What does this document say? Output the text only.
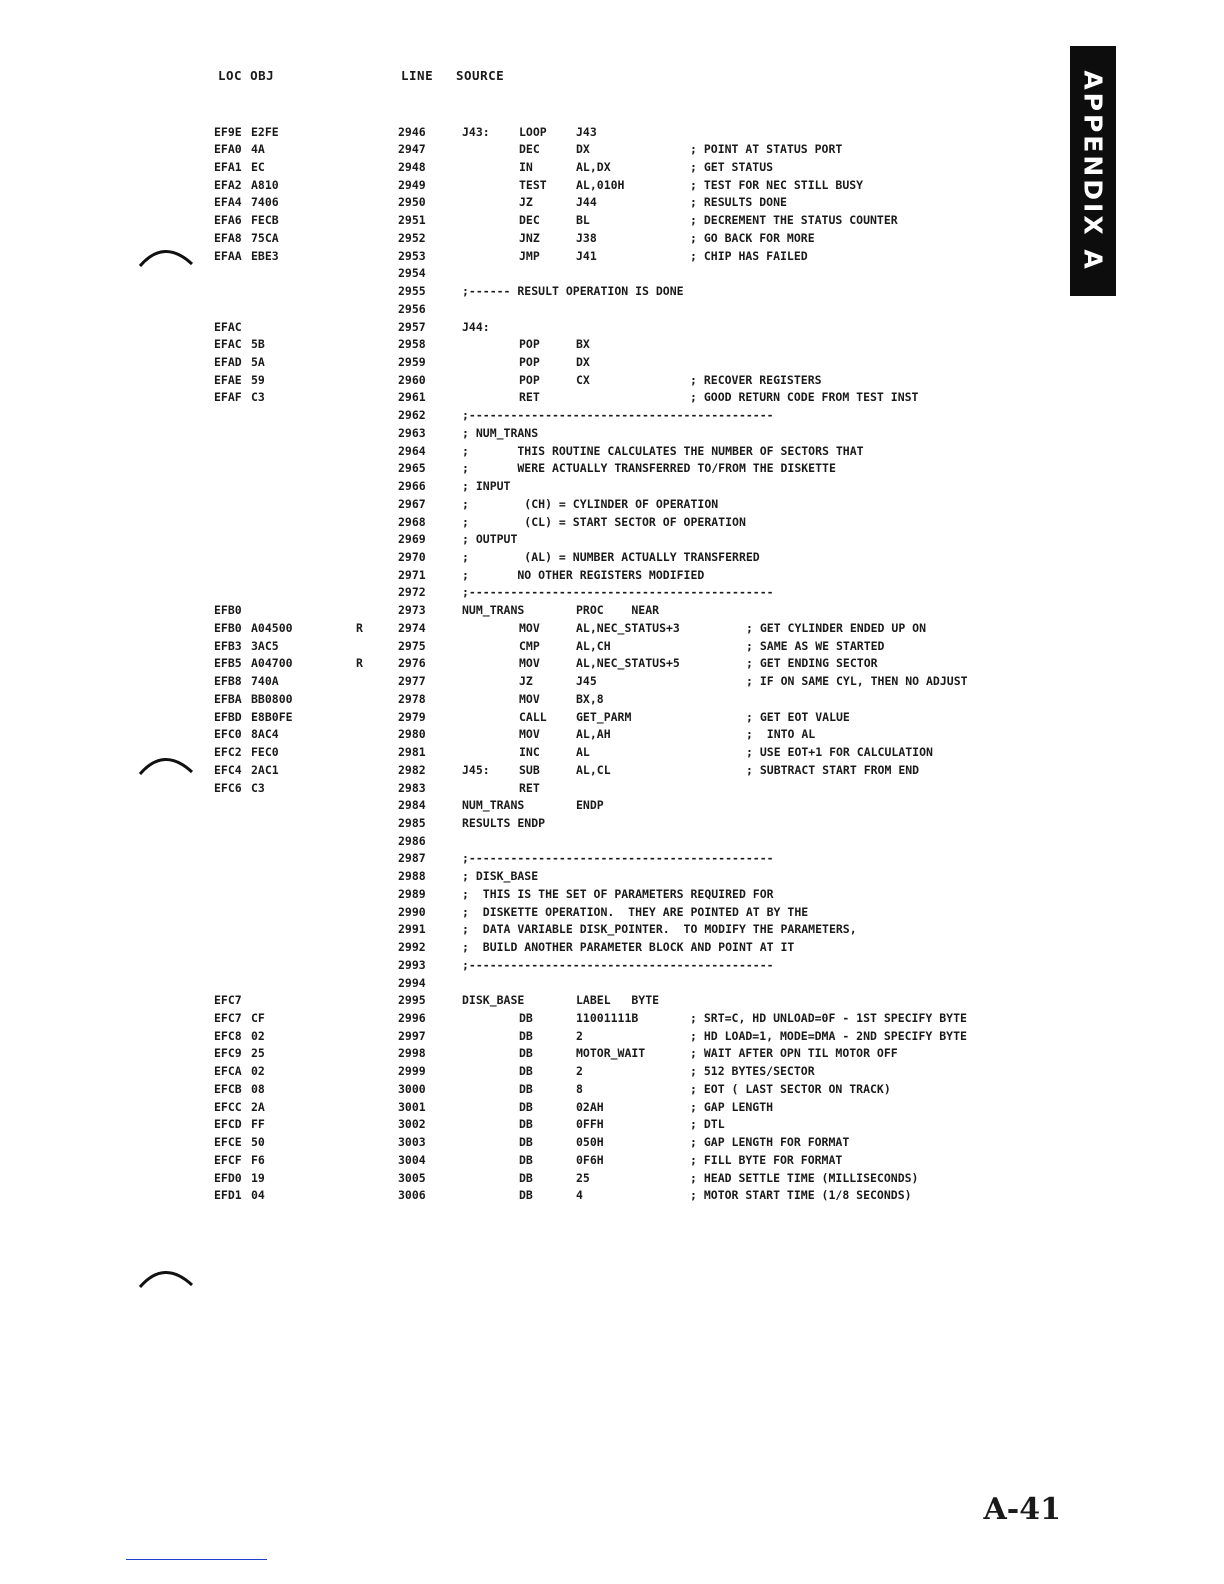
LOC OBJ	LINE SOURCE
EF9E E2FE	2946	J43:	LOOP	J43
EFA0 4A	2947	DEC	DX	; POINT AT STATUS PORT
EFA1 EC	2948	IN	AL,DX	; GET STATUS
EFA2 A810	2949	TEST	AL,010H	; TEST FOR NEC STILL BUSY
EFA4 7406	2950	JZ	J44	; RESULTS DONE
EFA6 FECB	2951	DEC	BL	; DECREMENT THE STATUS COUNTER
EFA8 75CA	2952	JNZ	J38	; GO BACK FOR MORE
EFAA EBE3	2953	JMP	J41	; CHIP HAS FAILED
2954
2955	;------ RESULT OPERATION IS DONE
2956
EFAC	2957	J44:
EFAC 5B	2958	POP	BX
EFAD 5A	2959	POP	DX
EFAE 59	2960	POP	CX	; RECOVER REGISTERS
EFAF C3	2961	RET	; GOOD RETURN CODE FROM TEST INST
2962	;--------------------------------------------
2963	; NUM_TRANS
2964	;       THIS ROUTINE CALCULATES THE NUMBER OF SECTORS THAT
2965	;       WERE ACTUALLY TRANSFERRED TO/FROM THE DISKETTE
2966	; INPUT
2967	;        (CH) = CYLINDER OF OPERATION
2968	;        (CL) = START SECTOR OF OPERATION
2969	; OUTPUT
2970	;        (AL) = NUMBER ACTUALLY TRANSFERRED
2971	;       NO OTHER REGISTERS MODIFIED
2972	;--------------------------------------------
EFB0	2973	NUM_TRANS	PROC    NEAR
EFB0 A04500	R	2974	MOV	AL,NEC_STATUS+3	; GET CYLINDER ENDED UP ON
EFB3 3AC5	2975	CMP	AL,CH	; SAME AS WE STARTED
EFB5 A04700	R	2976	MOV	AL,NEC_STATUS+5	; GET ENDING SECTOR
EFB8 740A	2977	JZ	J45	; IF ON SAME CYL, THEN NO ADJUST
EFBA BB0800	2978	MOV	BX,8
EFBD E8B0FE	2979	CALL	GET_PARM	; GET EOT VALUE
EFC0 8AC4	2980	MOV	AL,AH	;  INTO AL
EFC2 FEC0	2981	INC	AL	; USE EOT+1 FOR CALCULATION
EFC4 2AC1	2982	J45:	SUB	AL,CL	; SUBTRACT START FROM END
EFC6 C3	2983	RET
2984	NUM_TRANS	ENDP
2985	RESULTS ENDP
2986
2987	;--------------------------------------------
2988	; DISK_BASE
2989	;  THIS IS THE SET OF PARAMETERS REQUIRED FOR
2990	;  DISKETTE OPERATION.  THEY ARE POINTED AT BY THE
2991	;  DATA VARIABLE DISK_POINTER.  TO MODIFY THE PARAMETERS,
2992	;  BUILD ANOTHER PARAMETER BLOCK AND POINT AT IT
2993	;--------------------------------------------
2994
EFC7	2995	DISK_BASE	LABEL   BYTE
EFC7 CF	2996	DB	11001111B	; SRT=C, HD UNLOAD=0F - 1ST SPECIFY BYTE
EFC8 02	2997	DB	2	; HD LOAD=1, MODE=DMA - 2ND SPECIFY BYTE
EFC9 25	2998	DB	MOTOR_WAIT	; WAIT AFTER OPN TIL MOTOR OFF
EFCA 02	2999	DB	2	; 512 BYTES/SECTOR
EFCB 08	3000	DB	8	; EOT ( LAST SECTOR ON TRACK)
EFCC 2A	3001	DB	02AH	; GAP LENGTH
EFCD FF	3002	DB	0FFH	; DTL
EFCE 50	3003	DB	050H	; GAP LENGTH FOR FORMAT
EFCF F6	3004	DB	0F6H	; FILL BYTE FOR FORMAT
EFD0 19	3005	DB	25	; HEAD SETTLE TIME (MILLISECONDS)
EFD1 04	3006	DB	4	; MOTOR START TIME (1/8 SECONDS)
APPENDIX A
A-41
